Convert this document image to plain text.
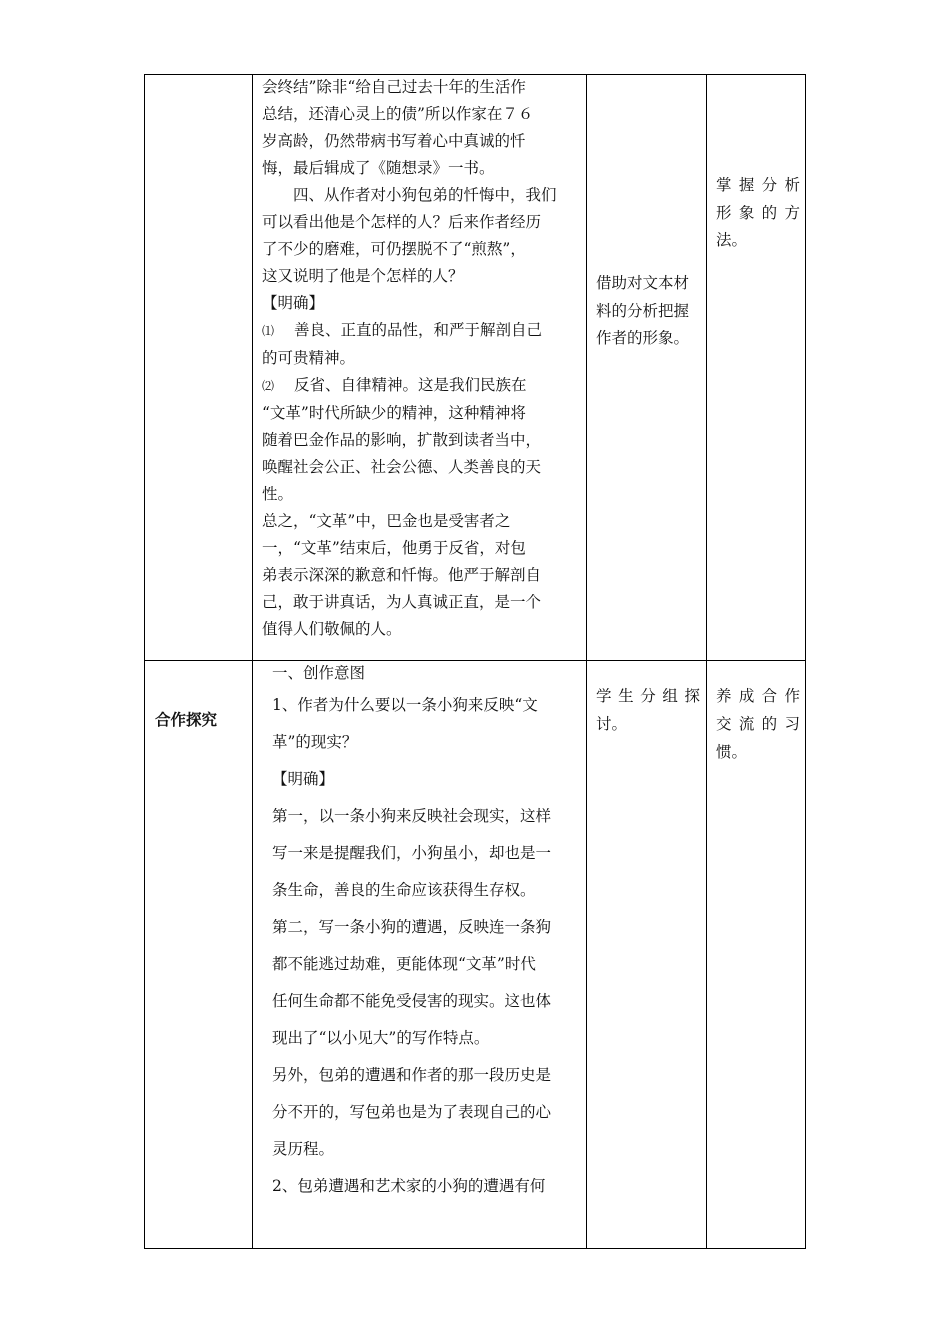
会终结”除非“给自己过去十年的生活作

总结，还清心灵上的债”所以作家在７６

岁高龄，仍然带病书写着心中真诚的忏

悔，最后辑成了《随想录》一书。

四、从作者对小狗包弟的忏悔中，我们

可以看出他是个怎样的人？后来作者经历

了不少的磨难，可仍摆脱不了“煎熬”，

这又说明了他是个怎样的人？

【明确】

⑴ 善良、正直的品性，和严于解剖自己

的可贵精神。

⑵ 反省、自律精神。这是我们民族在

“文革”时代所缺少的精神，这种精神将

随着巴金作品的影响，扩散到读者当中，

唤醒社会公正、社会公德、人类善良的天

性。

总之，“文革”中，巴金也是受害者之

一，“文革”结束后，他勇于反省，对包

弟表示深深的歉意和忏悔。他严于解剖自

己，敢于讲真话，为人真诚正直，是一个

值得人们敬佩的人。

借助对文本材
料的分析把握
作者的形象。
掌握分析
形象的方
法。
合作探究

一、创作意图

1、作者为什么要以一条小狗来反映“文

革”的现实？

【明确】

第一，以一条小狗来反映社会现实，这样

写一来是提醒我们，小狗虽小，却也是一

条生命，善良的生命应该获得生存权。

第二，写一条小狗的遭遇，反映连一条狗

都不能逃过劫难，更能体现“文革”时代

任何生命都不能免受侵害的现实。这也体

现出了“以小见大”的写作特点。

另外，包弟的遭遇和作者的那一段历史是

分不开的，写包弟也是为了表现自己的心

灵历程。

2、包弟遭遇和艺术家的小狗的遭遇有何

学生分组探
讨。
养成合作
交流的习
惯。
